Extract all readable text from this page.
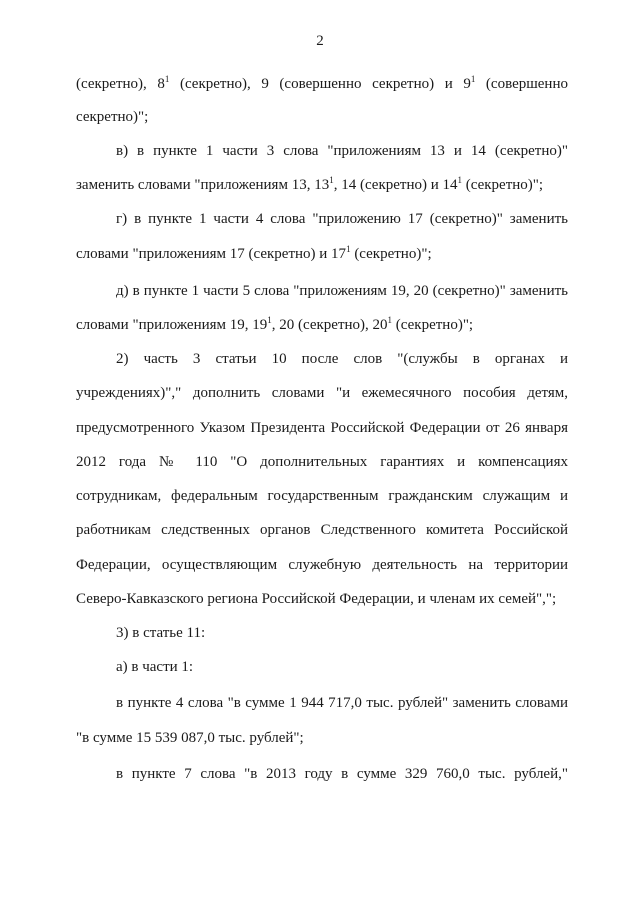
2
(секретно), $8^1$ (секретно), 9 (совершенно секретно) и $9^1$ (совершенно
секретно)";
в) в пункте 1 части 3 слова "приложениям 13 и 14 (секретно)"
заменить словами "приложениям 13, $13^1$, 14 (секретно) и $14^1$ (секретно)";
г) в пункте 1 части 4 слова "приложению 17 (секретно)" заменить
словами "приложениям 17 (секретно) и $17^1$ (секретно)";
д) в пункте 1 части 5 слова "приложениям 19, 20 (секретно)" заменить
словами "приложениям 19, $19^1$, 20 (секретно), $20^1$ (секретно)";
2) часть 3 статьи 10 после слов "(службы в органах и
учреждениях)"," дополнить словами "и ежемесячного пособия детям,
предусмотренного Указом Президента Российской Федерации от 26 января
2012 года № 110 "О дополнительных гарантиях и компенсациях
сотрудникам, федеральным государственным гражданским служащим и
работникам следственных органов Следственного комитета Российской
Федерации, осуществляющим служебную деятельность на территории
Северо-Кавказского региона Российской Федерации, и членам их семей",";
3) в статье 11:
а) в части 1:
в пункте 4 слова "в сумме 1 944 717,0 тыс. рублей" заменить словами
"в сумме 15 539 087,0 тыс. рублей";
в пункте 7 слова "в 2013 году в сумме 329 760,0 тыс. рублей,"
